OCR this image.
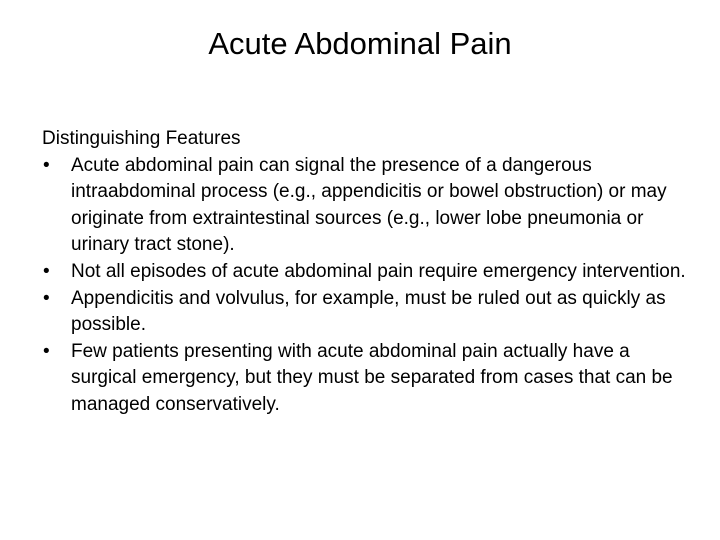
Acute Abdominal Pain

Distinguishing Features

•	Acute abdominal pain can signal the presence of a dangerous intraabdominal process (e.g., appendicitis or bowel obstruction) or may originate from extraintestinal sources (e.g., lower lobe pneumonia or urinary tract stone).
•	Not all episodes of acute abdominal pain require emergency intervention.
•	Appendicitis and volvulus, for example, must be ruled out as quickly as possible.
•	Few patients presenting with acute abdominal pain actually have a surgical emergency, but they must be separated from cases that can be managed conservatively.
